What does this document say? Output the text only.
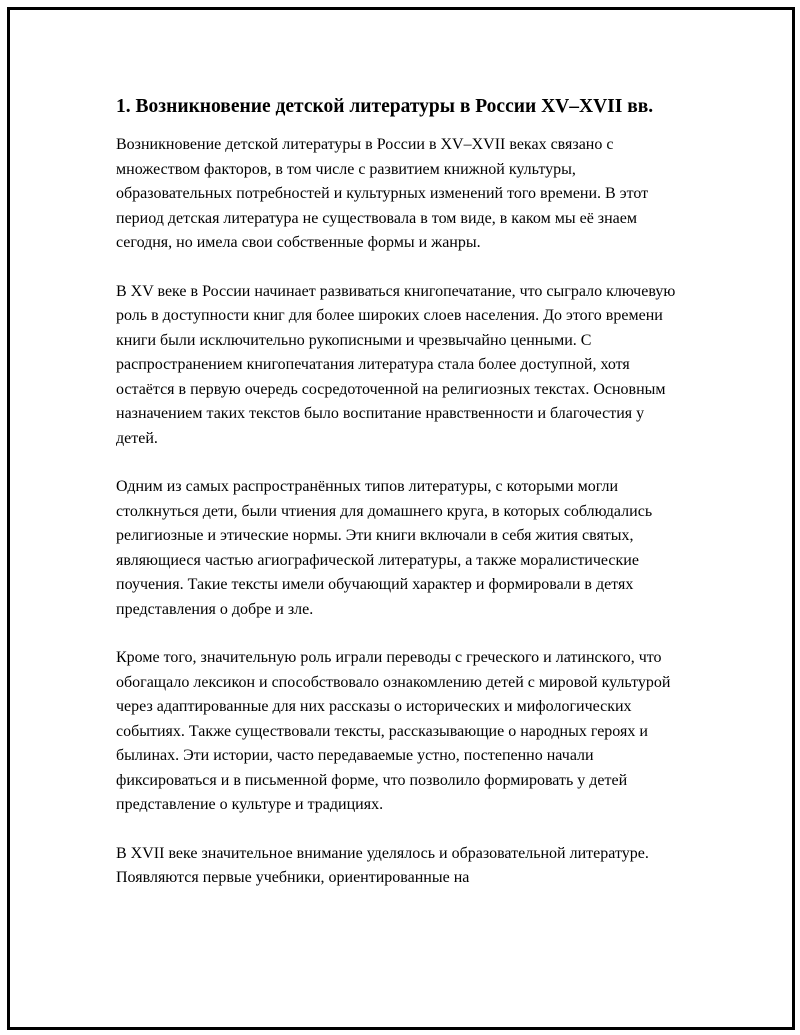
1. Возникновение детской литературы в России XV–XVII вв.

Возникновение детской литературы в России в XV–XVII веках связано с множеством факторов, в том числе с развитием книжной культуры, образовательных потребностей и культурных изменений того времени. В этот период детская литература не существовала в том виде, в каком мы её знаем сегодня, но имела свои собственные формы и жанры.

В XV веке в России начинает развиваться книгопечатание, что сыграло ключевую роль в доступности книг для более широких слоев населения. До этого времени книги были исключительно рукописными и чрезвычайно ценными. С распространением книгопечатания литература стала более доступной, хотя остаётся в первую очередь сосредоточенной на религиозных текстах. Основным назначением таких текстов было воспитание нравственности и благочестия у детей.

Одним из самых распространённых типов литературы, с которыми могли столкнуться дети, были чтиения для домашнего круга, в которых соблюдались религиозные и этические нормы. Эти книги включали в себя жития святых, являющиеся частью агиографической литературы, а также моралистические поучения. Такие тексты имели обучающий характер и формировали в детях представления о добре и зле.

Кроме того, значительную роль играли переводы с греческого и латинского, что обогащало лексикон и способствовало ознакомлению детей с мировой культурой через адаптированные для них рассказы о исторических и мифологических событиях. Также существовали тексты, рассказывающие о народных героях и былинах. Эти истории, часто передаваемые устно, постепенно начали фиксироваться и в письменной форме, что позволило формировать у детей представление о культуре и традициях.

В XVII веке значительное внимание уделялось и образовательной литературе. Появляются первые учебники, ориентированные на
